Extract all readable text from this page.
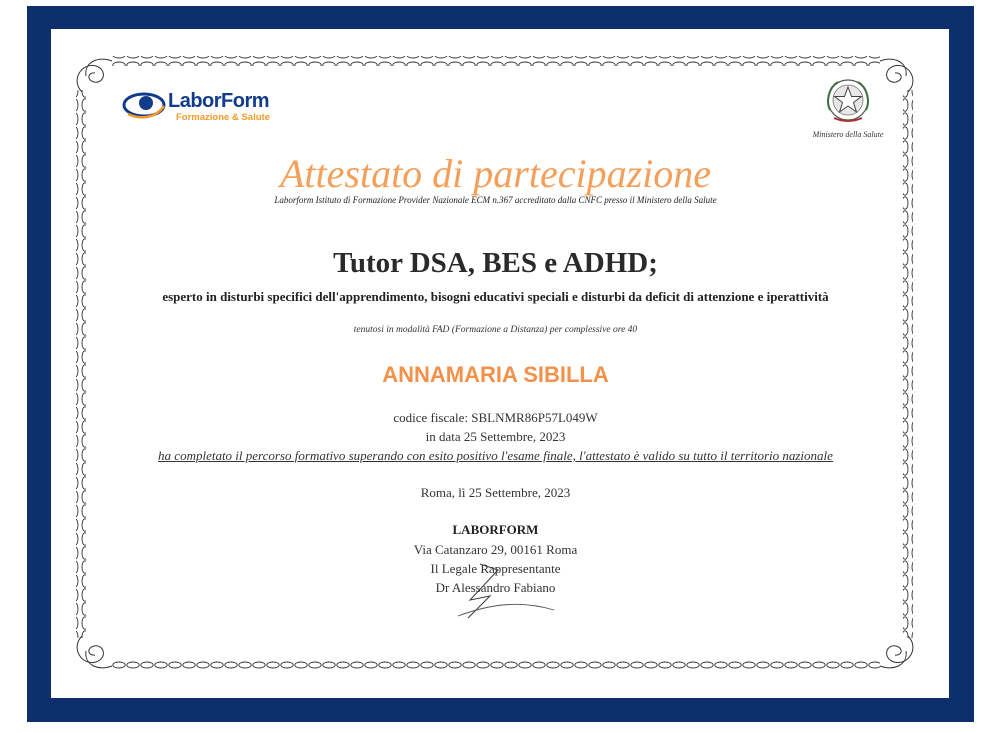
LaborForm
Formazione & Salute
Ministero della Salute
Attestato di partecipazione
Laborform Istituto di Formazione Provider Nazionale ECM n.367 accreditato dalla CNFC presso il Ministero della Salute
Tutor DSA, BES e ADHD;
esperto in disturbi specifici dell'apprendimento, bisogni educativi speciali e disturbi da deficit di attenzione e iperattività
tenutosi in modalità FAD (Formazione a Distanza) per complessive ore 40
ANNAMARIA SIBILLA
codice fiscale: SBLNMR86P57L049W
in data 25 Settembre, 2023
ha completato il percorso formativo superando con esito positivo l'esame finale, l'attestato è valido su tutto il territorio nazionale
Roma, lì 25 Settembre, 2023
LABORFORM
Via Catanzaro 29, 00161 Roma
Il Legale Rappresentante
Dr Alessandro Fabiano
